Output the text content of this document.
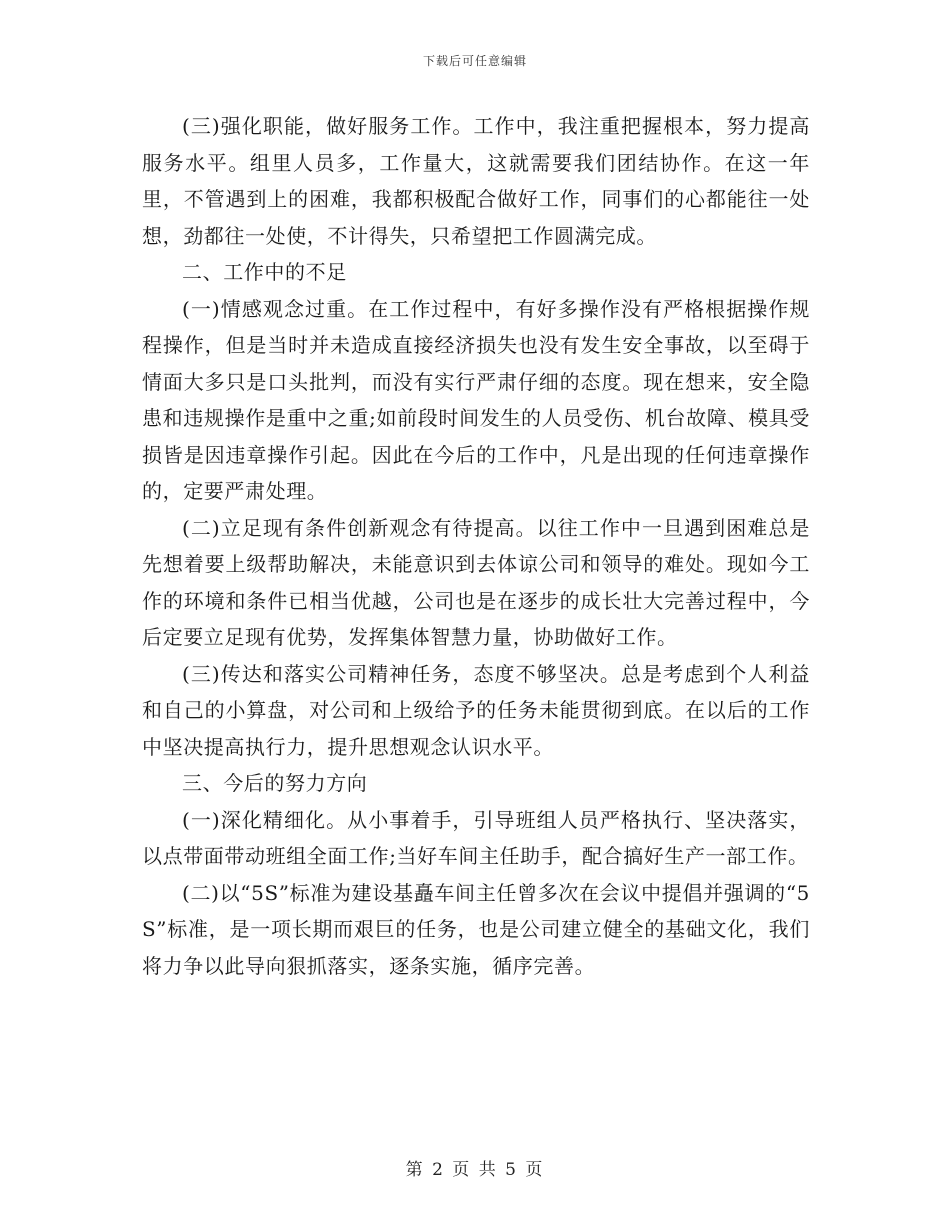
下载后可任意编辑

(三)强化职能，做好服务工作。工作中，我注重把握根本，努力提高服务水平。组里人员多，工作量大，这就需要我们团结协作。在这一年里，不管遇到上的困难，我都积极配合做好工作，同事们的心都能往一处想，劲都往一处使，不计得失，只希望把工作圆满完成。

二、工作中的不足

(一)情感观念过重。在工作过程中，有好多操作没有严格根据操作规程操作，但是当时并未造成直接经济损失也没有发生安全事故，以至碍于情面大多只是口头批判，而没有实行严肃仔细的态度。现在想来，安全隐患和违规操作是重中之重;如前段时间发生的人员受伤、机台故障、模具受损皆是因违章操作引起。因此在今后的工作中，凡是出现的任何违章操作的，定要严肃处理。

(二)立足现有条件创新观念有待提高。以往工作中一旦遇到困难总是先想着要上级帮助解决，未能意识到去体谅公司和领导的难处。现如今工作的环境和条件已相当优越，公司也是在逐步的成长壮大完善过程中，今后定要立足现有优势，发挥集体智慧力量，协助做好工作。

(三)传达和落实公司精神任务，态度不够坚决。总是考虑到个人利益和自己的小算盘，对公司和上级给予的任务未能贯彻到底。在以后的工作中坚决提高执行力，提升思想观念认识水平。

三、今后的努力方向

(一)深化精细化。从小事着手，引导班组人员严格执行、坚决落实，以点带面带动班组全面工作;当好车间主任助手，配合搞好生产一部工作。

(二)以“5S”标准为建设基矗车间主任曾多次在会议中提倡并强调的“5S”标准，是一项长期而艰巨的任务，也是公司建立健全的基础文化，我们将力争以此导向狠抓落实，逐条实施，循序完善。

第 2 页 共 5 页
